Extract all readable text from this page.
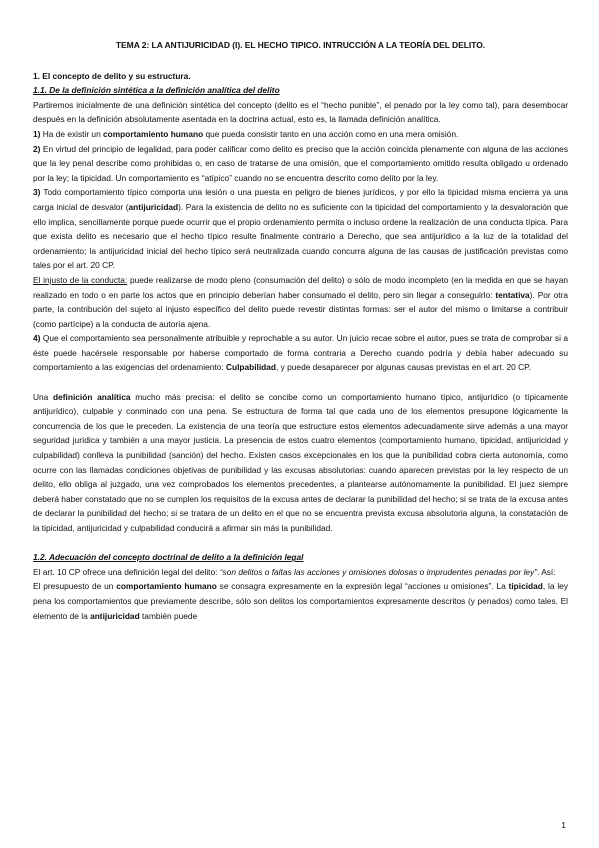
TEMA 2: LA ANTIJURICIDAD (I). EL HECHO TIPICO. INTRUCCIÓN A LA TEORÍA DEL DELITO.

1. El concepto de delito y su estructura.

1.1. De la definición sintética a la definición analítica del delito

Partiremos inicialmente de una definición sintética del concepto (delito es el “hecho punible”, el penado por la ley como tal), para desembocar después en la definición absolutamente asentada en la doctrina actual, esto es, la llamada definición analítica.

1) Ha de existir un comportamiento humano que pueda consistir tanto en una acción como en una mera omisión.

2) En virtud del principio de legalidad, para poder calificar como delito es preciso que la acción coincida plenamente con alguna de las acciones que la ley penal describe como prohibidas o, en caso de tratarse de una omisión, que el comportamiento omitido resulta obligado u ordenado por la ley; la tipicidad. Un comportamiento es “atípico” cuando no se encuentra descrito como delito por la ley.

3) Todo comportamiento típico comporta una lesión o una puesta en peligro de bienes jurídicos, y por ello la tipicidad misma encierra ya una carga inicial de desvalor (antijuricidad). Para la existencia de delito no es suficiente con la tipicidad del comportamiento y la desvaloración que ello implica, sencillamente porque puede ocurrir que el propio ordenamiento permita o incluso ordene la realización de una conducta típica. Para que exista delito es necesario que el hecho típico resulte finalmente contrario a Derecho, que sea antijurídico a la luz de la totalidad del ordenamiento; la antijuricidad inicial del hecho típico será neutralizada cuando concurra alguna de las causas de justificación previstas como tales por el art. 20 CP.

El injusto de la conducta: puede realizarse de modo pleno (consumación del delito) o sólo de modo incompleto (en la medida en que se hayan realizado en todo o en parte los actos que en principio deberían haber consumado el delito, pero sin llegar a conseguirlo: tentativa). Por otra parte, la contribución del sujeto al injusto específico del delito puede revestir distintas formas: ser el autor del mismo o limitarse a contribuir (como partícipe) a la conducta de autoría ajena.

4) Que el comportamiento sea personalmente atribuible y reprochable a su autor. Un juicio recae sobre el autor, pues se trata de comprobar si a éste puede hacérsele responsable por haberse comportado de forma contraria a Derecho cuando podría y debía haber adecuado su comportamiento a las exigencias del ordenamiento: Culpabilidad, y puede desaparecer por algunas causas previstas en el art. 20 CP.

Una definición analítica mucho más precisa: el delito se concibe como un comportamiento humano típico, antijurídico (o típicamente antijurídico), culpable y conminado con una pena. Se estructura de forma tal que cada uno de los elementos presupone lógicamente la concurrencia de los que le preceden. La existencia de una teoría que estructure estos elementos adecuadamente sirve además a una mayor seguridad jurídica y también a una mayor justicia. La presencia de estos cuatro elementos (comportamiento humano, tipicidad, antijuricidad y culpabilidad) conlleva la punibilidad (sanción) del hecho. Existen casos excepcionales en los que la punibilidad cobra cierta autonomía, como ocurre con las llamadas condiciones objetivas de punibilidad y las excusas absolutorias: cuando aparecen previstas por la ley respecto de un delito, ello obliga al juzgado, una vez comprobados los elementos precedentes, a plantearse autónomamente la punibilidad. El juez siempre deberá haber constatado que no se cumplen los requisitos de la excusa antes de declarar la punibilidad del hecho; si se trata de la excusa antes de declarar la punibilidad del hecho; si se tratara de un delito en el que no se encuentra prevista excusa absolutoria alguna, la constatación de la tipicidad, antijuricidad y culpabilidad conducirá a afirmar sin más la punibilidad.

1.2. Adecuación del concepto doctrinal de delito a la definición legal

El art. 10 CP ofrece una definición legal del delito: “son delitos o faltas las acciones y omisiones dolosas o imprudentes penadas por ley”. Así:

El presupuesto de un comportamiento humano se consagra expresamente en la expresión legal “acciones u omisiones”. La tipicidad, la ley pena los comportamientos que previamente describe, sólo son delitos los comportamientos expresamente descritos (y penados) como tales. El elemento de la antijuricidad también puede

1
